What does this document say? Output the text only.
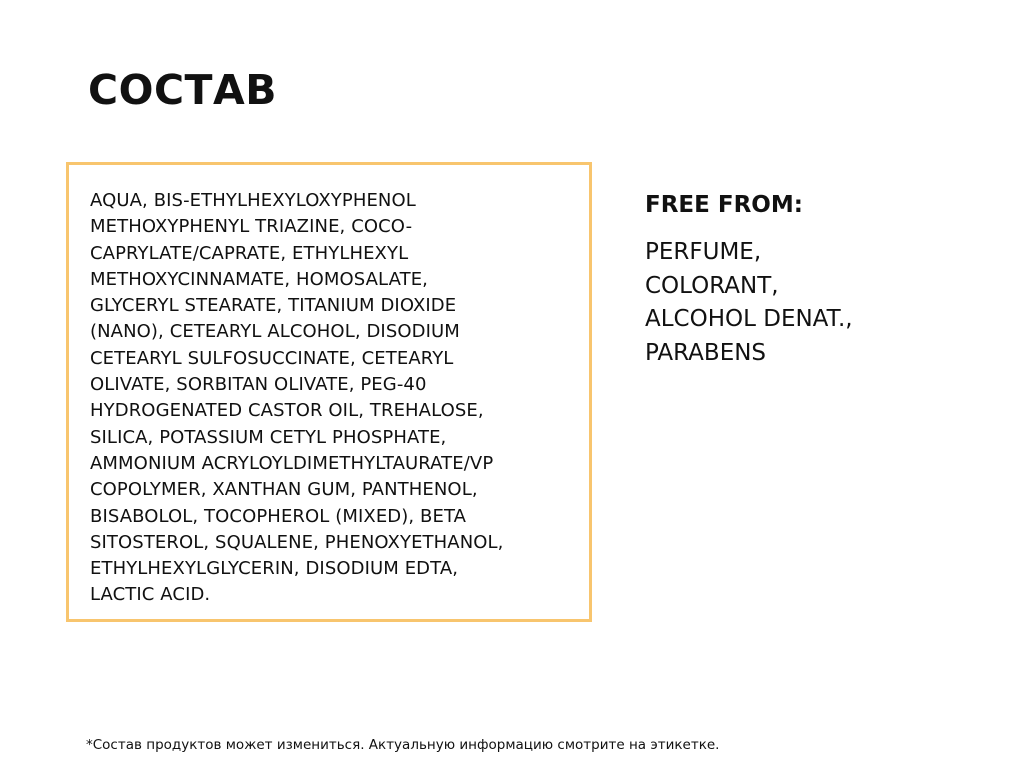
СОСТАВ
AQUA, BIS-ETHYLHEXYLOXYPHENOL
METHOXYPHENYL TRIAZINE, COCO-
CAPRYLATE/CAPRATE, ETHYLHEXYL
METHOXYCINNAMATE, HOMOSALATE,
GLYCERYL STEARATE, TITANIUM DIOXIDE
(NANO), CETEARYL ALCOHOL, DISODIUM
CETEARYL SULFOSUCCINATE, CETEARYL
OLIVATE, SORBITAN OLIVATE, PEG-40
HYDROGENATED CASTOR OIL, TREHALOSE,
SILICA, POTASSIUM CETYL PHOSPHATE,
AMMONIUM ACRYLOYLDIMETHYLTAURATE/VP
COPOLYMER, XANTHAN GUM, PANTHENOL,
BISABOLOL, TOCOPHEROL (MIXED), BETA
SITOSTEROL, SQUALENE, PHENOXYETHANOL,
ETHYLHEXYLGLYCERIN, DISODIUM EDTA,
LACTIC ACID.
FREE FROM:
PERFUME,
COLORANT,
ALCOHOL DENAT.,
PARABENS

*Состав продуктов может измениться. Актуальную информацию смотрите на этикетке.
